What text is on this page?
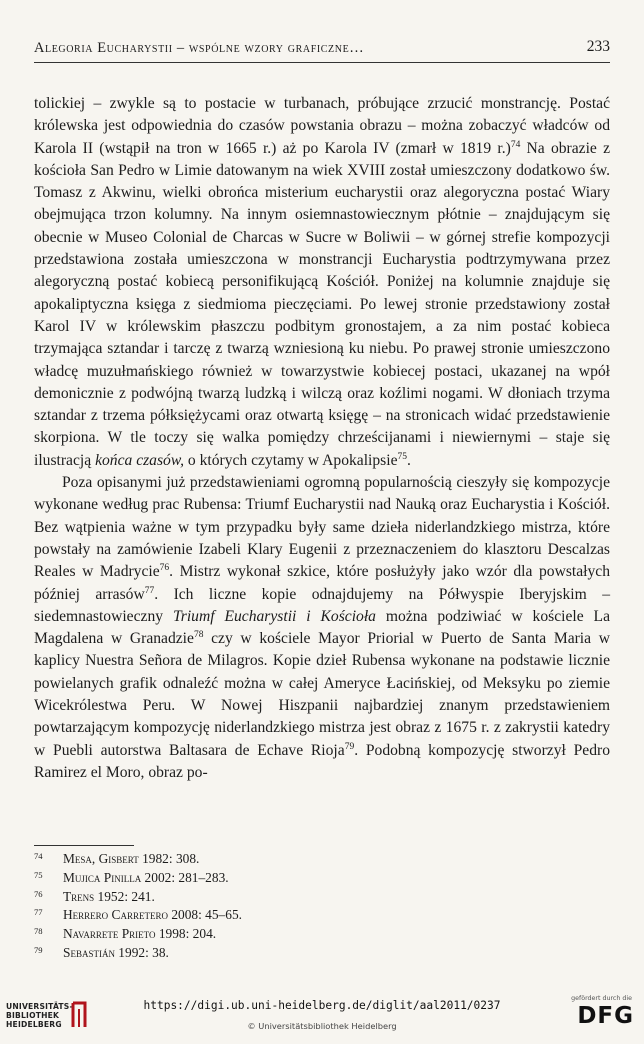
Alegoria Eucharystii – wspólne wzory graficzne…	233

tolickiej – zwykle są to postacie w turbanach, próbujące zrzucić monstrancję. Postać królewska jest odpowiednia do czasów powstania obrazu – można zobaczyć władców od Karola II (wstąpił na tron w 1665 r.) aż po Karola IV (zmarł w 1819 r.)$^{74}$ Na obrazie z kościoła San Pedro w Limie datowanym na wiek XVIII został umieszczony dodatkowo św. Tomasz z Akwinu, wielki obrońca misterium eucharystii oraz alegoryczna postać Wiary obejmująca trzon kolumny. Na innym osiemnastowiecznym płótnie – znajdującym się obecnie w Museo Colonial de Charcas w Sucre w Boliwii – w górnej strefie kompozycji przedstawiona została umieszczona w monstrancji Eucharystia podtrzymywana przez alegoryczną postać kobiecą personifikującą Kościół. Poniżej na kolumnie znajduje się apokaliptyczna księga z siedmioma pieczęciami. Po lewej stronie przedstawiony został Karol IV w królewskim płaszczu podbitym gronostajem, a za nim postać kobieca trzymająca sztandar i tarczę z twarzą wzniesioną ku niebu. Po prawej stronie umieszczono władcę muzułmańskiego również w towarzystwie kobiecej postaci, ukazanej na wpół demonicznie z podwójną twarzą ludzką i wilczą oraz koźlimi nogami. W dłoniach trzyma sztandar z trzema półksiężycami oraz otwartą księgę – na stronicach widać przedstawienie skorpiona. W tle toczy się walka pomiędzy chrześcijanami i niewiernymi – staje się ilustracją końca czasów, o których czytamy w Apokalipsie$^{75}$.

Poza opisanymi już przedstawieniami ogromną popularnością cieszyły się kompozycje wykonane według prac Rubensa: Triumf Eucharystii nad Nauką oraz Eucharystia i Kościół. Bez wątpienia ważne w tym przypadku były same dzieła niderlandzkiego mistrza, które powstały na zamówienie Izabeli Klary Eugenii z przeznaczeniem do klasztoru Descalzas Reales w Madrycie$^{76}$. Mistrz wykonał szkice, które posłużyły jako wzór dla powstałych później arrasów$^{77}$. Ich liczne kopie odnajdujemy na Półwyspie Iberyjskim – siedemnastowieczny Triumf Eucharystii i Kościoła można podziwiać w kościele La Magdalena w Granadzie$^{78}$ czy w kościele Mayor Priorial w Puerto de Santa Maria w kaplicy Nuestra Señora de Milagros. Kopie dzieł Rubensa wykonane na podstawie licznie powielanych grafik odnaleźć można w całej Ameryce Łacińskiej, od Meksyku po ziemie Wicekrólestwa Peru. W Nowej Hiszpanii najbardziej znanym przedstawieniem powtarzającym kompozycję niderlandzkiego mistrza jest obraz z 1675 r. z zakrystii katedry w Puebli autorstwa Baltasara de Echave Rioja$^{79}$. Podobną kompozycję stworzył Pedro Ramirez el Moro, obraz po-

74 Mesa, Gisbert 1982: 308.
75 Mujica Pinilla 2002: 281–283.
76 Trens 1952: 241.
77 Herrero Carretero 2008: 45–65.
78 Navarrete Prieto 1998: 204.
79 Sebastián 1992: 38.
UNIVERSITÄTS-
BIBLIOTHEK
HEIDELBERG
https://digi.ub.uni-heidelberg.de/diglit/aal2011/0237
© Universitätsbibliothek Heidelberg
gefördert durch die
DFG
